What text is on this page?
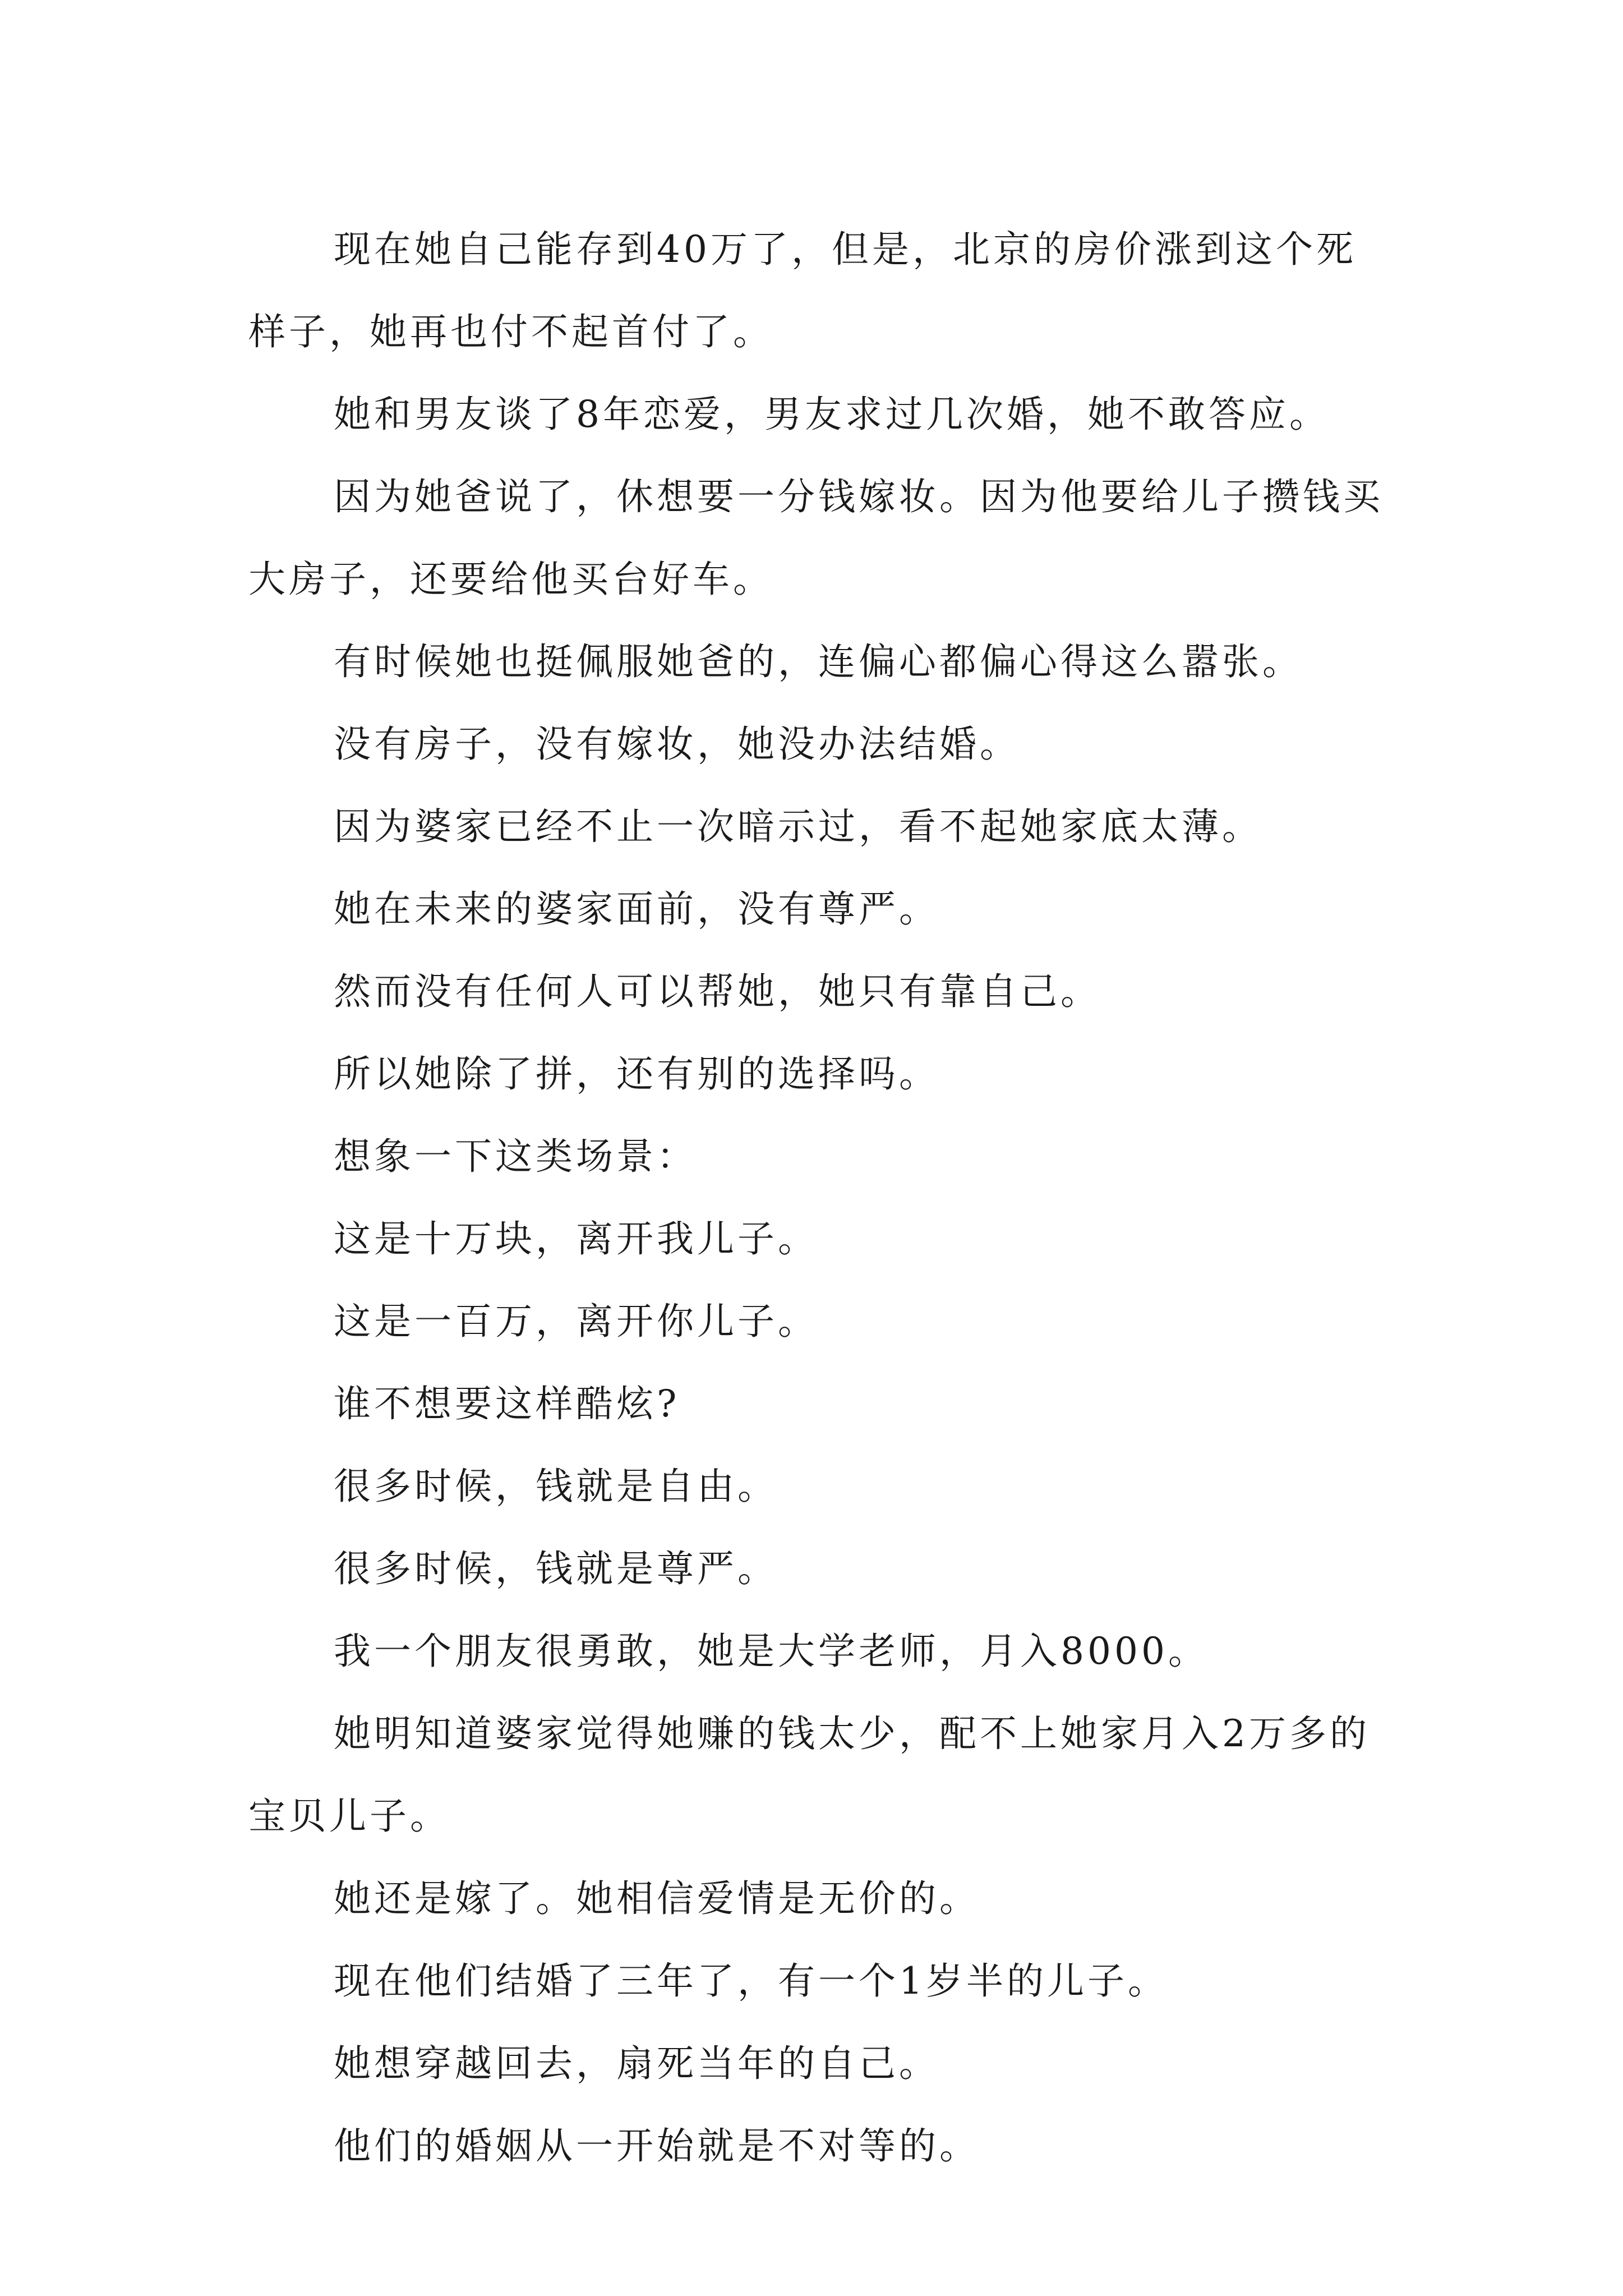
现在她自己能存到40万了，但是，北京的房价涨到这个死样子，她再也付不起首付了。

她和男友谈了8年恋爱，男友求过几次婚，她不敢答应。

因为她爸说了，休想要一分钱嫁妆。因为他要给儿子攒钱买大房子，还要给他买台好车。

有时候她也挺佩服她爸的，连偏心都偏心得这么嚣张。

没有房子，没有嫁妆，她没办法结婚。

因为婆家已经不止一次暗示过，看不起她家底太薄。

她在未来的婆家面前，没有尊严。

然而没有任何人可以帮她，她只有靠自己。

所以她除了拼，还有别的选择吗。

想象一下这类场景：

这是十万块，离开我儿子。

这是一百万，离开你儿子。

谁不想要这样酷炫?

很多时候，钱就是自由。

很多时候，钱就是尊严。

我一个朋友很勇敢，她是大学老师，月入8000。

她明知道婆家觉得她赚的钱太少，配不上她家月入2万多的宝贝儿子。

她还是嫁了。她相信爱情是无价的。

现在他们结婚了三年了，有一个1岁半的儿子。

她想穿越回去，扇死当年的自己。

他们的婚姻从一开始就是不对等的。
